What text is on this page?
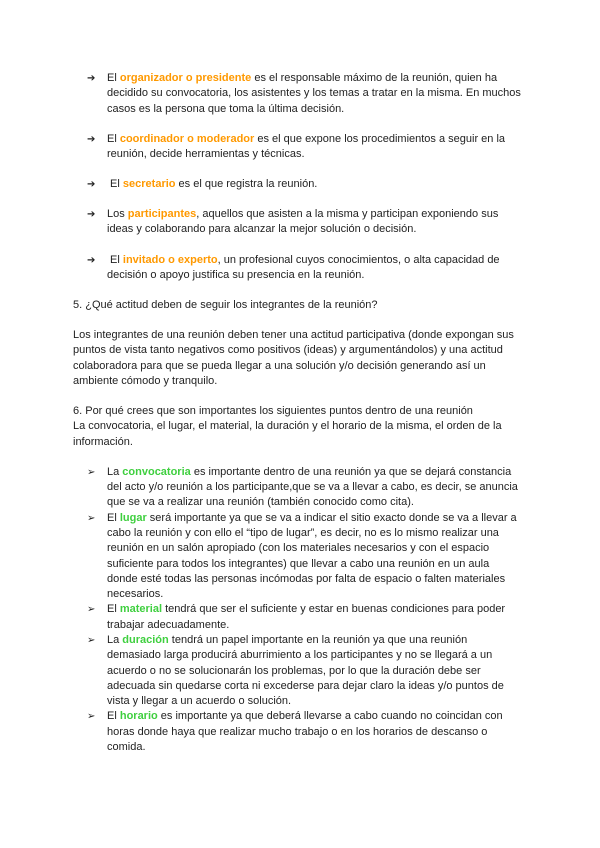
➔ El organizador o presidente es el responsable máximo de la reunión, quien ha
decidido su convocatoria, los asistentes y los temas a tratar en la misma. En muchos
casos es la persona que toma la última decisión.
➔ El coordinador o moderador es el que expone los procedimientos a seguir en la
reunión, decide herramientas y técnicas.
➔ El secretario es el que registra la reunión.
➔ Los participantes, aquellos que asisten a la misma y participan exponiendo sus
ideas y colaborando para alcanzar la mejor solución o decisión.
➔ El invitado o experto, un profesional cuyos conocimientos, o alta capacidad de
decisión o apoyo justifica su presencia en la reunión.
5. ¿Qué actitud deben de seguir los integrantes de la reunión?
Los integrantes de una reunión deben tener una actitud participativa (donde expongan sus
puntos de vista tanto negativos como positivos (ideas) y argumentándolos) y una actitud
colaboradora para que se pueda llegar a una solución y/o decisión generando así un
ambiente cómodo y tranquilo.
6. Por qué crees que son importantes los siguientes puntos dentro de una reunión
La convocatoria, el lugar, el material, la duración y el horario de la misma, el orden de la
información.
➢ La convocatoria es importante dentro de una reunión ya que se dejará constancia
del acto y/o reunión a los participante,que se va a llevar a cabo, es decir, se anuncia
que se va a realizar una reunión (también conocido como cita).
➢ El lugar será importante ya que se va a indicar el sitio exacto donde se va a llevar a
cabo la reunión y con ello el “tipo de lugar”, es decir, no es lo mismo realizar una
reunión en un salón apropiado (con los materiales necesarios y con el espacio
suficiente para todos los integrantes) que llevar a cabo una reunión en un aula
donde esté todas las personas incómodas por falta de espacio o falten materiales
necesarios.
➢ El material tendrá que ser el suficiente y estar en buenas condiciones para poder
trabajar adecuadamente.
➢ La duración tendrá un papel importante en la reunión ya que una reunión
demasiado larga producirá aburrimiento a los participantes y no se llegará a un
acuerdo o no se solucionarán los problemas, por lo que la duración debe ser
adecuada sin quedarse corta ni excederse para dejar claro la ideas y/o puntos de
vista y llegar a un acuerdo o solución.
➢ El horario es importante ya que deberá llevarse a cabo cuando no coincidan con
horas donde haya que realizar mucho trabajo o en los horarios de descanso o
comida.
